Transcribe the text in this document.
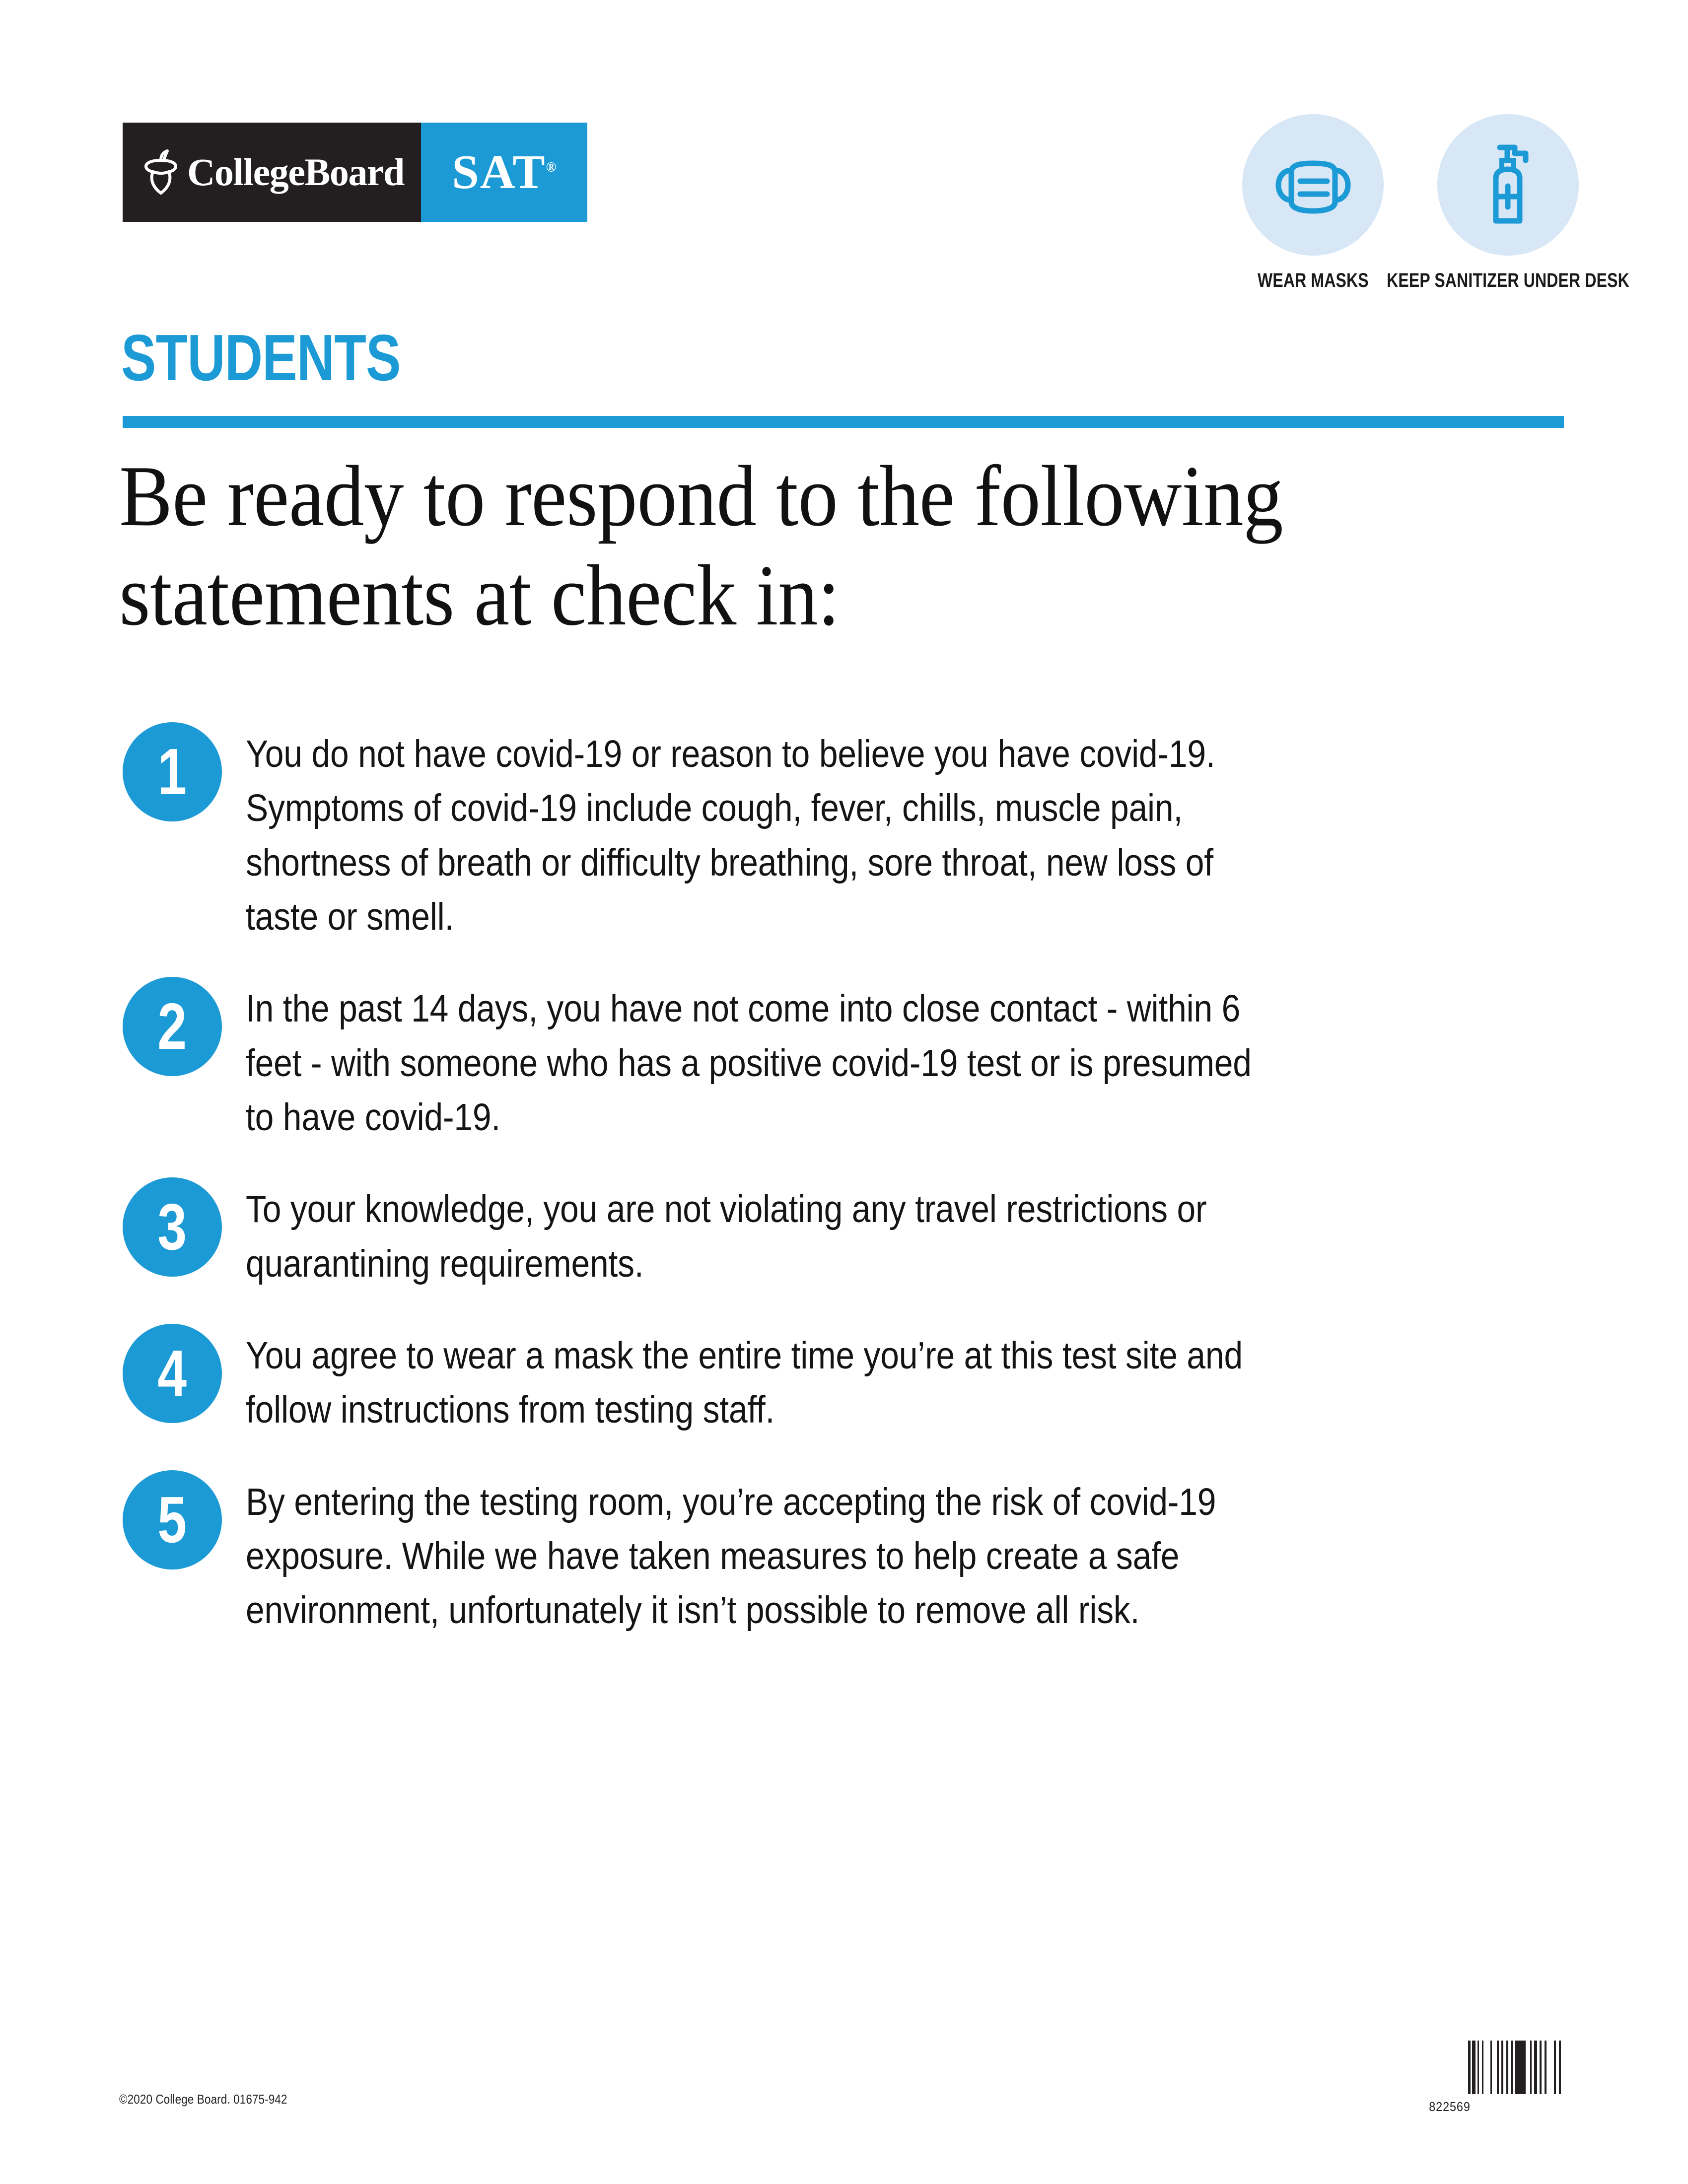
CollegeBoard SAT®
WEAR MASKS KEEP SANITIZER UNDER DESK
STUDENTS
Be ready to respond to the following statements at check in:
1 You do not have covid-19 or reason to believe you have covid-19. Symptoms of covid-19 include cough, fever, chills, muscle pain, shortness of breath or difficulty breathing, sore throat, new loss of taste or smell.
2 In the past 14 days, you have not come into close contact - within 6 feet - with someone who has a positive covid-19 test or is presumed to have covid-19.
3 To your knowledge, you are not violating any travel restrictions or quarantining requirements.
4 You agree to wear a mask the entire time you’re at this test site and follow instructions from testing staff.
5 By entering the testing room, you’re accepting the risk of covid-19 exposure. While we have taken measures to help create a safe environment, unfortunately it isn’t possible to remove all risk.
©2020 College Board. 01675-942	822569
